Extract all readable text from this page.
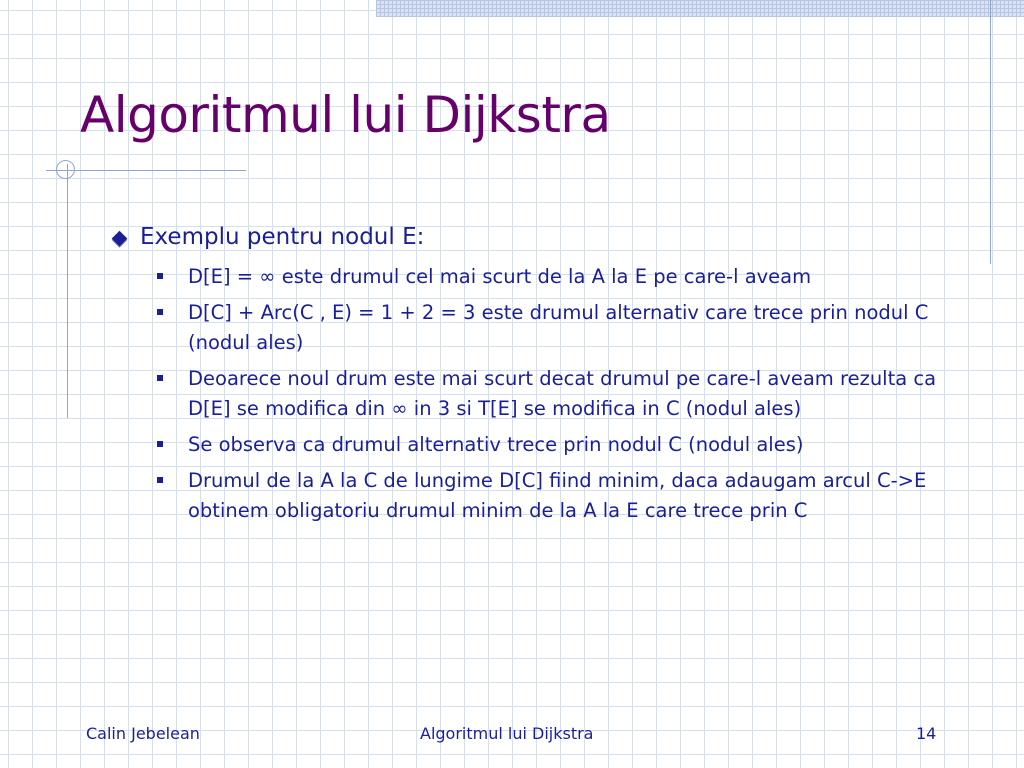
Algoritmul lui Dijkstra
Exemplu pentru nodul E:
D[E] = ∞ este drumul cel mai scurt de la A la E pe care-l aveam
D[C] + Arc(C , E) = 1 + 2 = 3 este drumul alternativ care trece prin nodul C (nodul ales)
Deoarece noul drum este mai scurt decat drumul pe care-l aveam rezulta ca D[E] se modifica din ∞ in 3 si T[E] se modifica in C (nodul ales)
Se observa ca drumul alternativ trece prin nodul C (nodul ales)
Drumul de la A la C de lungime D[C] fiind minim, daca adaugam arcul C->E obtinem obligatoriu drumul minim de la A la E care trece prin C
Calin Jebelean	Algoritmul lui Dijkstra	14
